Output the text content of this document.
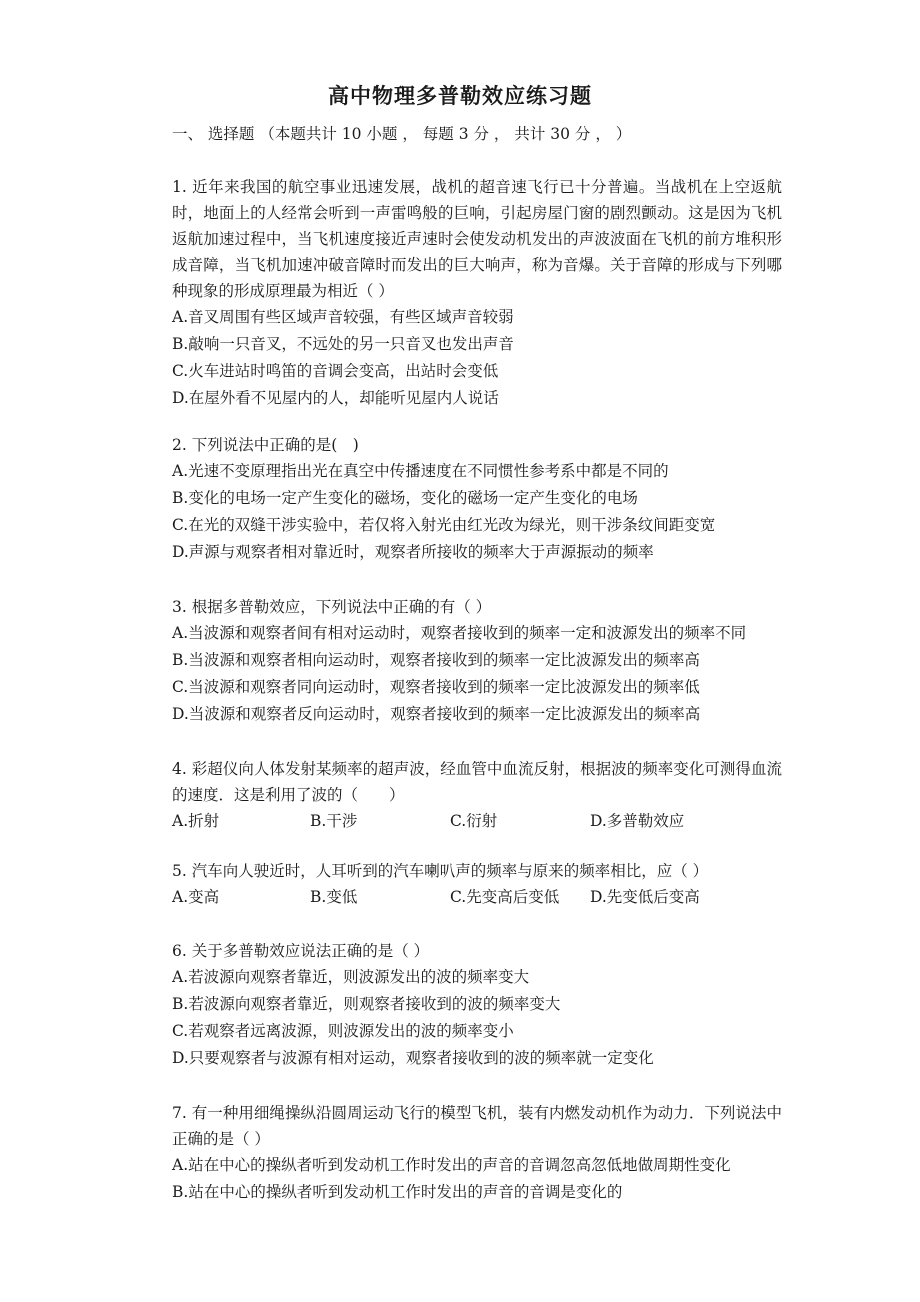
高中物理多普勒效应练习题
一、 选择题 （本题共计 10 小题 ， 每题 3 分 ， 共计 30 分 ， ）
1. 近年来我国的航空事业迅速发展，战机的超音速飞行已十分普遍。当战机在上空返航时，地面上的人经常会听到一声雷鸣般的巨响，引起房屋门窗的剧烈颤动。这是因为飞机返航加速过程中，当飞机速度接近声速时会使发动机发出的声波波面在飞机的前方堆积形成音障，当飞机加速冲破音障时而发出的巨大响声，称为音爆。关于音障的形成与下列哪种现象的形成原理最为相近（ ）
A.音叉周围有些区域声音较强，有些区域声音较弱
B.敲响一只音叉，不远处的另一只音叉也发出声音
C.火车进站时鸣笛的音调会变高，出站时会变低
D.在屋外看不见屋内的人，却能听见屋内人说话
2. 下列说法中正确的是(　)
A.光速不变原理指出光在真空中传播速度在不同惯性参考系中都是不同的
B.变化的电场一定产生变化的磁场，变化的磁场一定产生变化的电场
C.在光的双缝干涉实验中，若仅将入射光由红光改为绿光，则干涉条纹间距变宽
D.声源与观察者相对靠近时，观察者所接收的频率大于声源振动的频率
3. 根据多普勒效应，下列说法中正确的有（ ）
A.当波源和观察者间有相对运动时，观察者接收到的频率一定和波源发出的频率不同
B.当波源和观察者相向运动时，观察者接收到的频率一定比波源发出的频率高
C.当波源和观察者同向运动时，观察者接收到的频率一定比波源发出的频率低
D.当波源和观察者反向运动时，观察者接收到的频率一定比波源发出的频率高
4. 彩超仪向人体发射某频率的超声波，经血管中血流反射，根据波的频率变化可测得血流的速度．这是利用了波的（　　）
A.折射	B.干涉	C.衍射	D.多普勒效应
5. 汽车向人驶近时，人耳听到的汽车喇叭声的频率与原来的频率相比，应（ ）
A.变高	B.变低	C.先变高后变低	D.先变低后变高
6. 关于多普勒效应说法正确的是（ ）
A.若波源向观察者靠近，则波源发出的波的频率变大
B.若波源向观察者靠近，则观察者接收到的波的频率变大
C.若观察者远离波源，则波源发出的波的频率变小
D.只要观察者与波源有相对运动，观察者接收到的波的频率就一定变化
7. 有一种用细绳操纵沿圆周运动飞行的模型飞机，装有内燃发动机作为动力．下列说法中正确的是（ ）
A.站在中心的操纵者听到发动机工作时发出的声音的音调忽高忽低地做周期性变化
B.站在中心的操纵者听到发动机工作时发出的声音的音调是变化的
